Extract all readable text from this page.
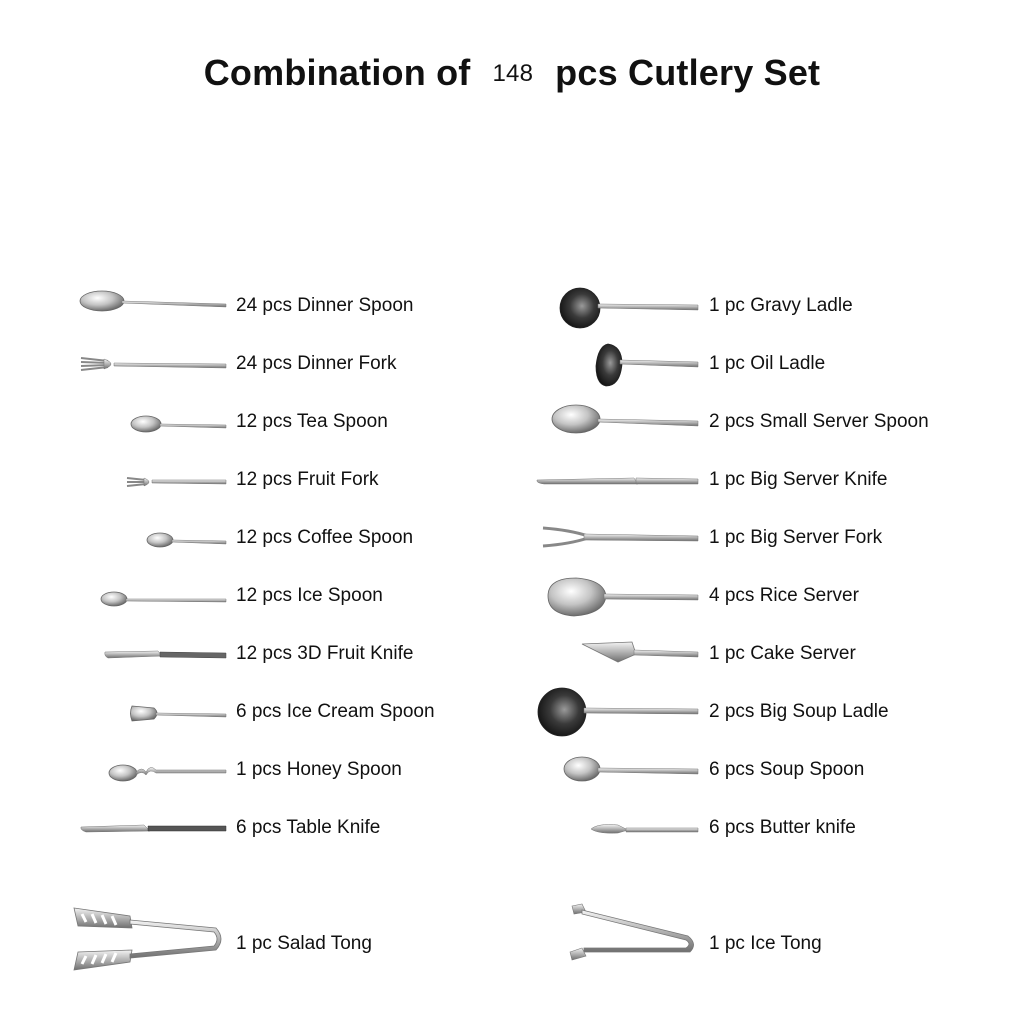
Combination of 148 pcs Cutlery Set
24 pcs Dinner Spoon
24 pcs Dinner Fork
12 pcs Tea Spoon
12 pcs Fruit Fork
12 pcs Coffee Spoon
12 pcs Ice Spoon
12 pcs 3D Fruit Knife
6 pcs Ice Cream Spoon
1 pcs Honey Spoon
6 pcs Table Knife
1 pc Salad Tong
1 pc Gravy Ladle
1 pc Oil Ladle
2 pcs Small Server Spoon
1 pc Big Server Knife
1 pc Big Server Fork
4 pcs Rice Server
1 pc Cake Server
2 pcs Big Soup Ladle
6 pcs Soup Spoon
6 pcs Butter knife
1 pc Ice Tong
